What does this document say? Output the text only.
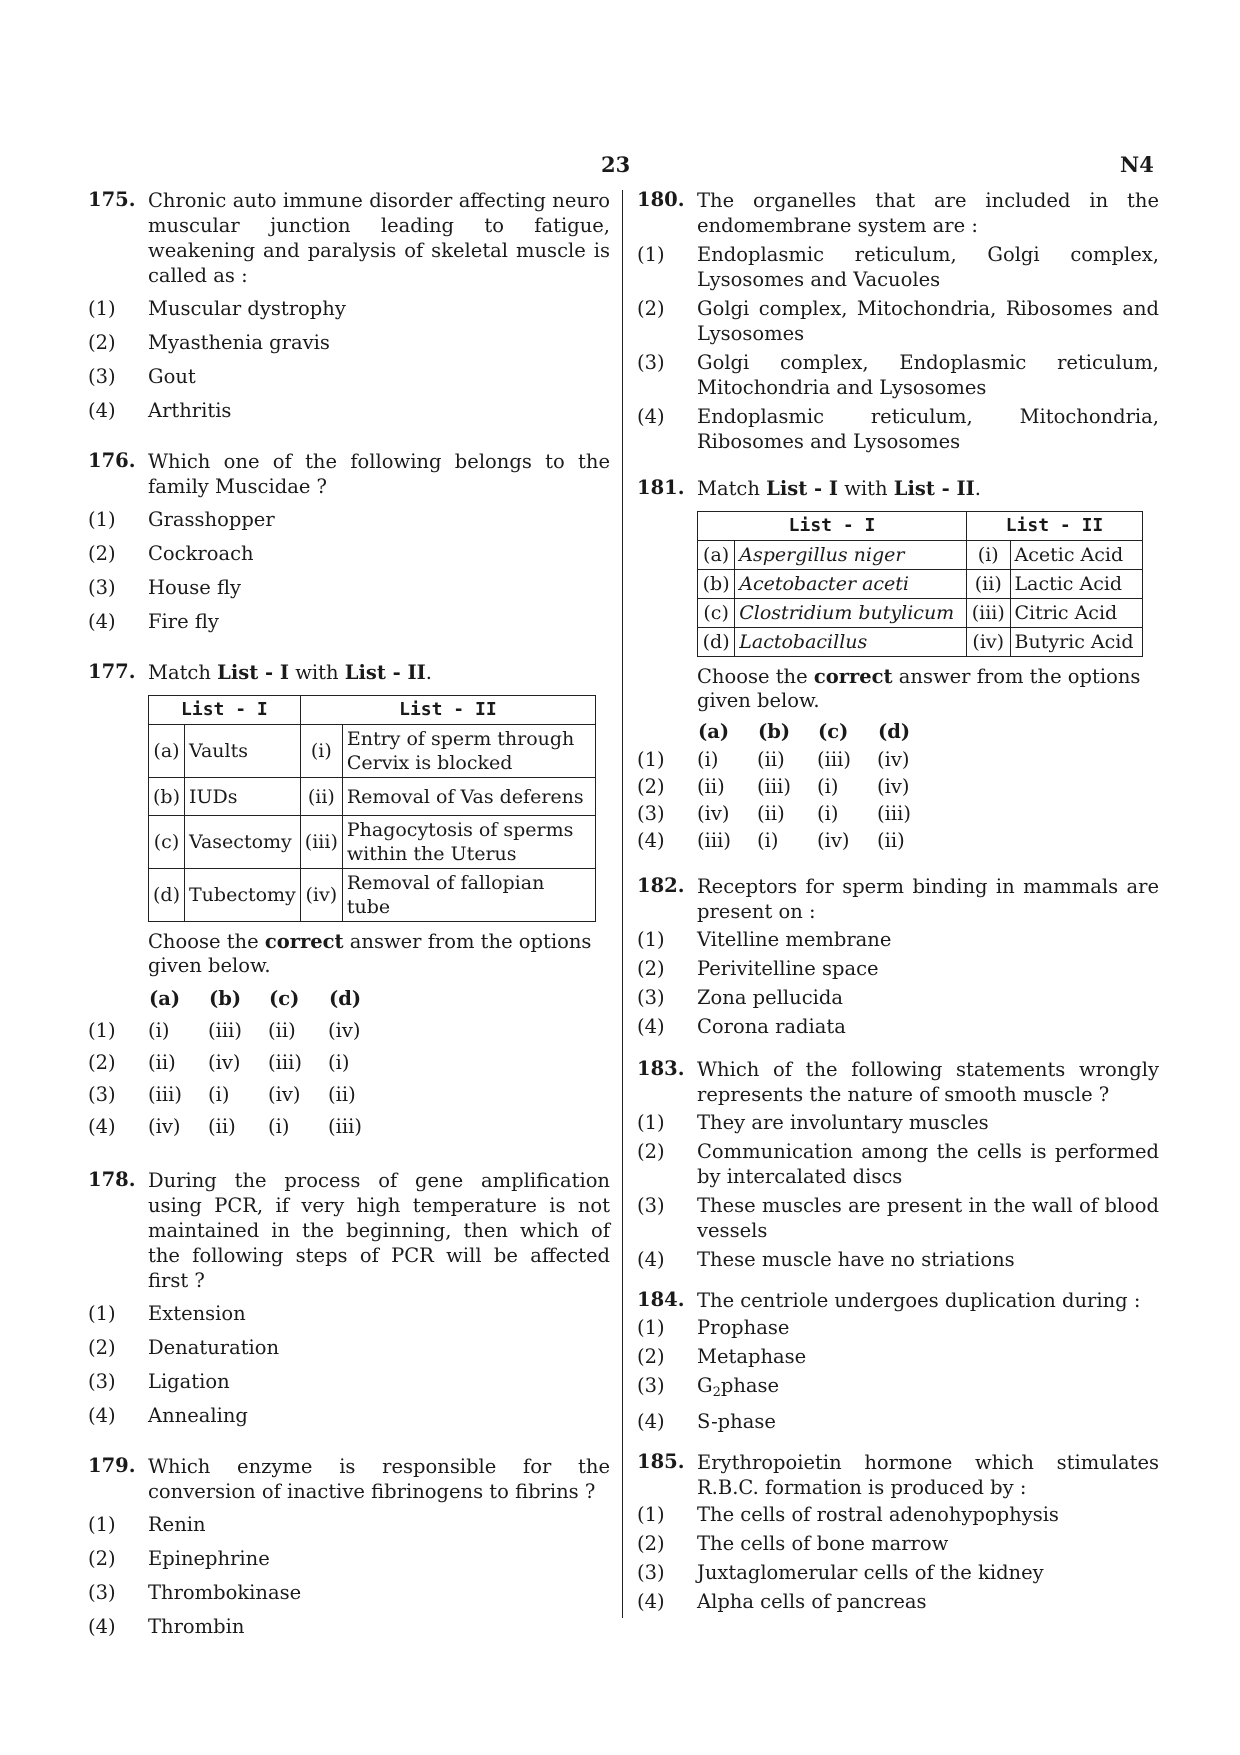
23	N4
175. Chronic auto immune disorder affecting neuro muscular junction leading to fatigue, weakening and paralysis of skeletal muscle is called as :
(1) Muscular dystrophy
(2) Myasthenia gravis
(3) Gout
(4) Arthritis
176. Which one of the following belongs to the family Muscidae ?
(1) Grasshopper
(2) Cockroach
(3) House fly
(4) Fire fly
177. Match List - I with List - II.
List - I		List - II	
(a)	Vaults	(i)	Entry of sperm through Cervix is blocked
(b)	IUDs	(ii)	Removal of Vas deferens
(c)	Vasectomy	(iii)	Phagocytosis of sperms within the Uterus
(d)	Tubectomy	(iv)	Removal of fallopian tube
Choose the correct answer from the options given below.
	(a)	(b)	(c)	(d)
(1)	(i)	(iii)	(ii)	(iv)
(2)	(ii)	(iv)	(iii)	(i)
(3)	(iii)	(i)	(iv)	(ii)
(4)	(iv)	(ii)	(i)	(iii)
178. During the process of gene amplification using PCR, if very high temperature is not maintained in the beginning, then which of the following steps of PCR will be affected first ?
(1) Extension
(2) Denaturation
(3) Ligation
(4) Annealing
179. Which enzyme is responsible for the conversion of inactive fibrinogens to fibrins ?
(1) Renin
(2) Epinephrine
(3) Thrombokinase
(4) Thrombin
180. The organelles that are included in the endomembrane system are :
(1) Endoplasmic reticulum, Golgi complex, Lysosomes and Vacuoles
(2) Golgi complex, Mitochondria, Ribosomes and Lysosomes
(3) Golgi complex, Endoplasmic reticulum, Mitochondria and Lysosomes
(4) Endoplasmic reticulum, Mitochondria, Ribosomes and Lysosomes
181. Match List - I with List - II.
List - I		List - II	
(a)	Aspergillus niger	(i)	Acetic Acid
(b)	Acetobacter aceti	(ii)	Lactic Acid
(c)	Clostridium butylicum	(iii)	Citric Acid
(d)	Lactobacillus	(iv)	Butyric Acid
Choose the correct answer from the options given below.
	(a)	(b)	(c)	(d)
(1)	(i)	(ii)	(iii)	(iv)
(2)	(ii)	(iii)	(i)	(iv)
(3)	(iv)	(ii)	(i)	(iii)
(4)	(iii)	(i)	(iv)	(ii)
182. Receptors for sperm binding in mammals are present on :
(1) Vitelline membrane
(2) Perivitelline space
(3) Zona pellucida
(4) Corona radiata
183. Which of the following statements wrongly represents the nature of smooth muscle ?
(1) They are involuntary muscles
(2) Communication among the cells is performed by intercalated discs
(3) These muscles are present in the wall of blood vessels
(4) These muscle have no striations
184. The centriole undergoes duplication during :
(1) Prophase
(2) Metaphase
(3) $G_2phase$
(4) S-phase
185. Erythropoietin hormone which stimulates R.B.C. formation is produced by :
(1) The cells of rostral adenohypophysis
(2) The cells of bone marrow
(3) Juxtaglomerular cells of the kidney
(4) Alpha cells of pancreas
